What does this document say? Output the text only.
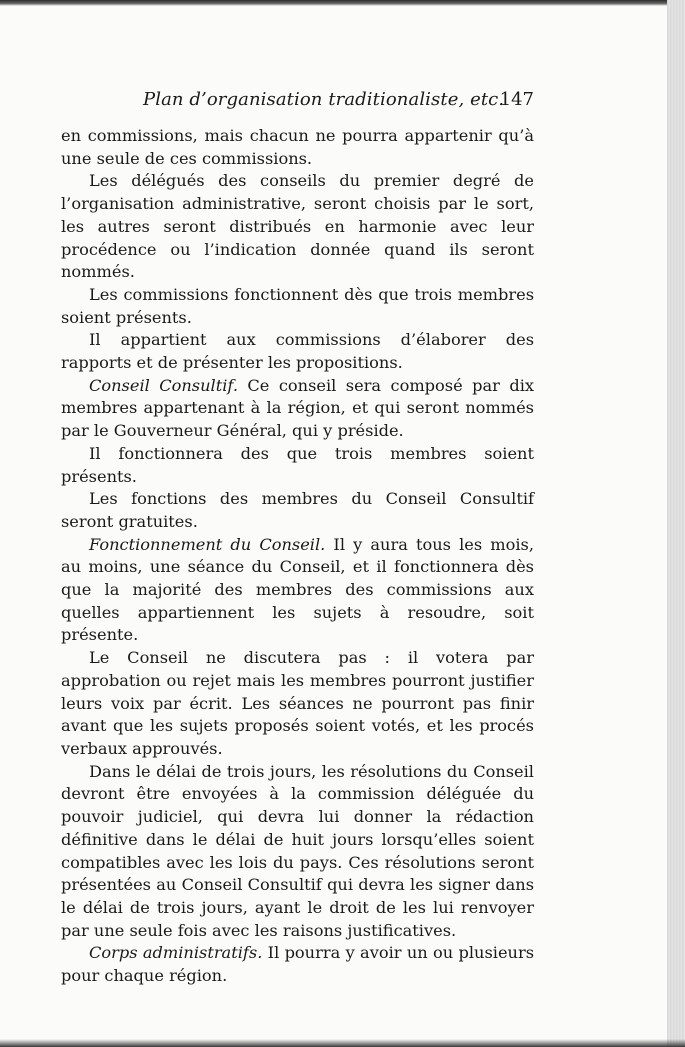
Plan d’organisation traditionaliste, etc.
147

en commissions, mais chacun ne pourra appartenir qu’à une seule de ces commissions.

Les délégués des conseils du premier degré de l’organisation administrative, seront choisis par le sort, les autres seront distribués en harmonie avec leur procédence ou l’indication donnée quand ils seront nommés.

Les commissions fonctionnent dès que trois membres soient présents.

Il appartient aux commissions d’élaborer des rapports et de présenter les propositions.

Conseil Consultif. Ce conseil sera composé par dix membres appartenant à la région, et qui seront nommés par le Gouverneur Général, qui y préside.

Il fonctionnera des que trois membres soient présents.

Les fonctions des membres du Conseil Consultif seront gratuites.

Fonctionnement du Conseil. Il y aura tous les mois, au moins, une séance du Conseil, et il fonctionnera dès que la majorité des membres des commissions aux quelles appartiennent les sujets à resoudre, soit présente.

Le Conseil ne discutera pas : il votera par approbation ou rejet mais les membres pourront justifier leurs voix par écrit. Les séances ne pourront pas finir avant que les sujets proposés soient votés, et les procés verbaux approuvés.

Dans le délai de trois jours, les résolutions du Conseil devront être envoyées à la commission déléguée du pouvoir judiciel, qui devra lui donner la rédaction définitive dans le délai de huit jours lorsqu’elles soient compatibles avec les lois du pays. Ces résolutions seront présentées au Conseil Consultif qui devra les signer dans le délai de trois jours, ayant le droit de les lui renvoyer par une seule fois avec les raisons justificatives.

Corps administratifs. Il pourra y avoir un ou plusieurs pour chaque région.
